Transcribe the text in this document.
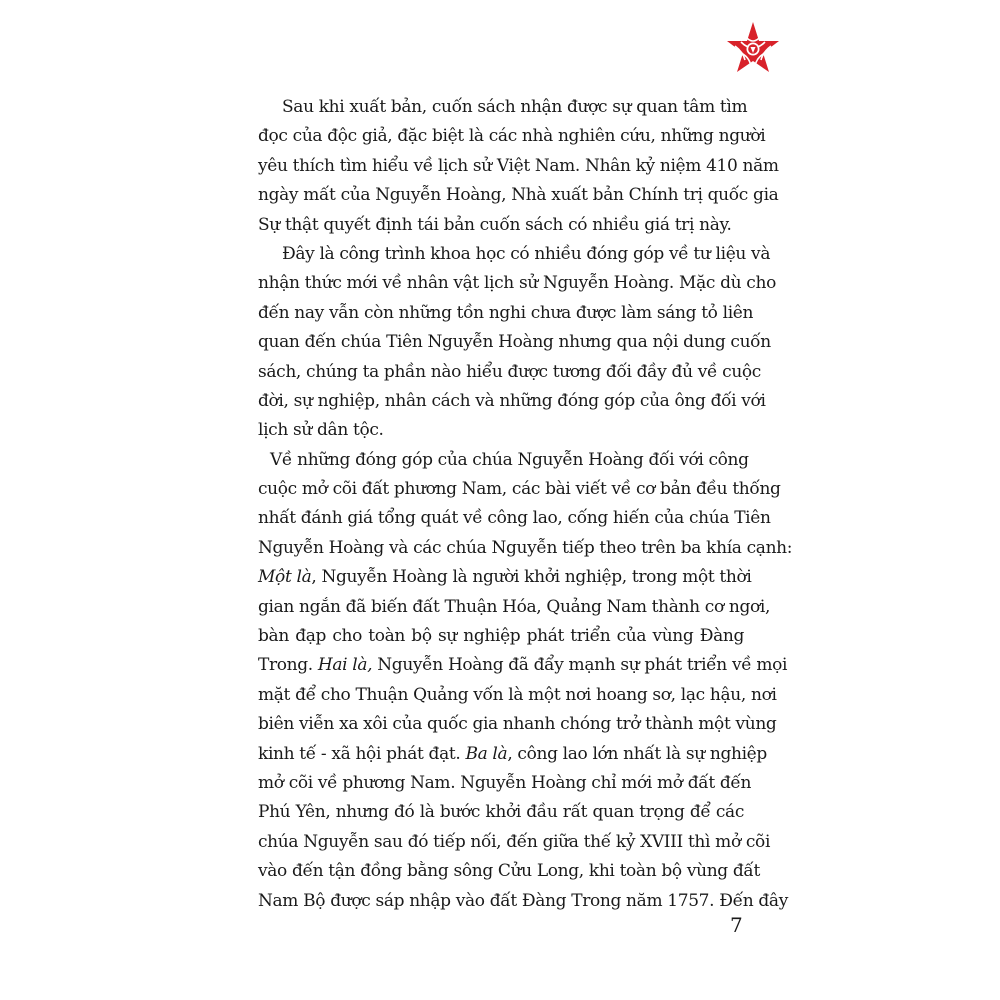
Sau khi xuất bản, cuốn sách nhận được sự quan tâm tìm
đọc của độc giả, đặc biệt là các nhà nghiên cứu, những người
yêu thích tìm hiểu về lịch sử Việt Nam. Nhân kỷ niệm 410 năm
ngày mất của Nguyễn Hoàng, Nhà xuất bản Chính trị quốc gia
Sự thật quyết định tái bản cuốn sách có nhiều giá trị này.
Đây là công trình khoa học có nhiều đóng góp về tư liệu và
nhận thức mới về nhân vật lịch sử Nguyễn Hoàng. Mặc dù cho
đến nay vẫn còn những tồn nghi chưa được làm sáng tỏ liên
quan đến chúa Tiên Nguyễn Hoàng nhưng qua nội dung cuốn
sách, chúng ta phần nào hiểu được tương đối đầy đủ về cuộc
đời, sự nghiệp, nhân cách và những đóng góp của ông đối với
lịch sử dân tộc.
Về những đóng góp của chúa Nguyễn Hoàng đối với công
cuộc mở cõi đất phương Nam, các bài viết về cơ bản đều thống
nhất đánh giá tổng quát về công lao, cống hiến của chúa Tiên
Nguyễn Hoàng và các chúa Nguyễn tiếp theo trên ba khía cạnh:
Một là, Nguyễn Hoàng là người khởi nghiệp, trong một thời
gian ngắn đã biến đất Thuận Hóa, Quảng Nam thành cơ ngơi,
bàn đạp cho toàn bộ sự nghiệp phát triển của vùng Đàng
Trong. Hai là, Nguyễn Hoàng đã đẩy mạnh sự phát triển về mọi
mặt để cho Thuận Quảng vốn là một nơi hoang sơ, lạc hậu, nơi
biên viễn xa xôi của quốc gia nhanh chóng trở thành một vùng
kinh tế - xã hội phát đạt. Ba là, công lao lớn nhất là sự nghiệp
mở cõi về phương Nam. Nguyễn Hoàng chỉ mới mở đất đến
Phú Yên, nhưng đó là bước khởi đầu rất quan trọng để các
chúa Nguyễn sau đó tiếp nối, đến giữa thế kỷ XVIII thì mở cõi
vào đến tận đồng bằng sông Cửu Long, khi toàn bộ vùng đất
Nam Bộ được sáp nhập vào đất Đàng Trong năm 1757. Đến đây
7
